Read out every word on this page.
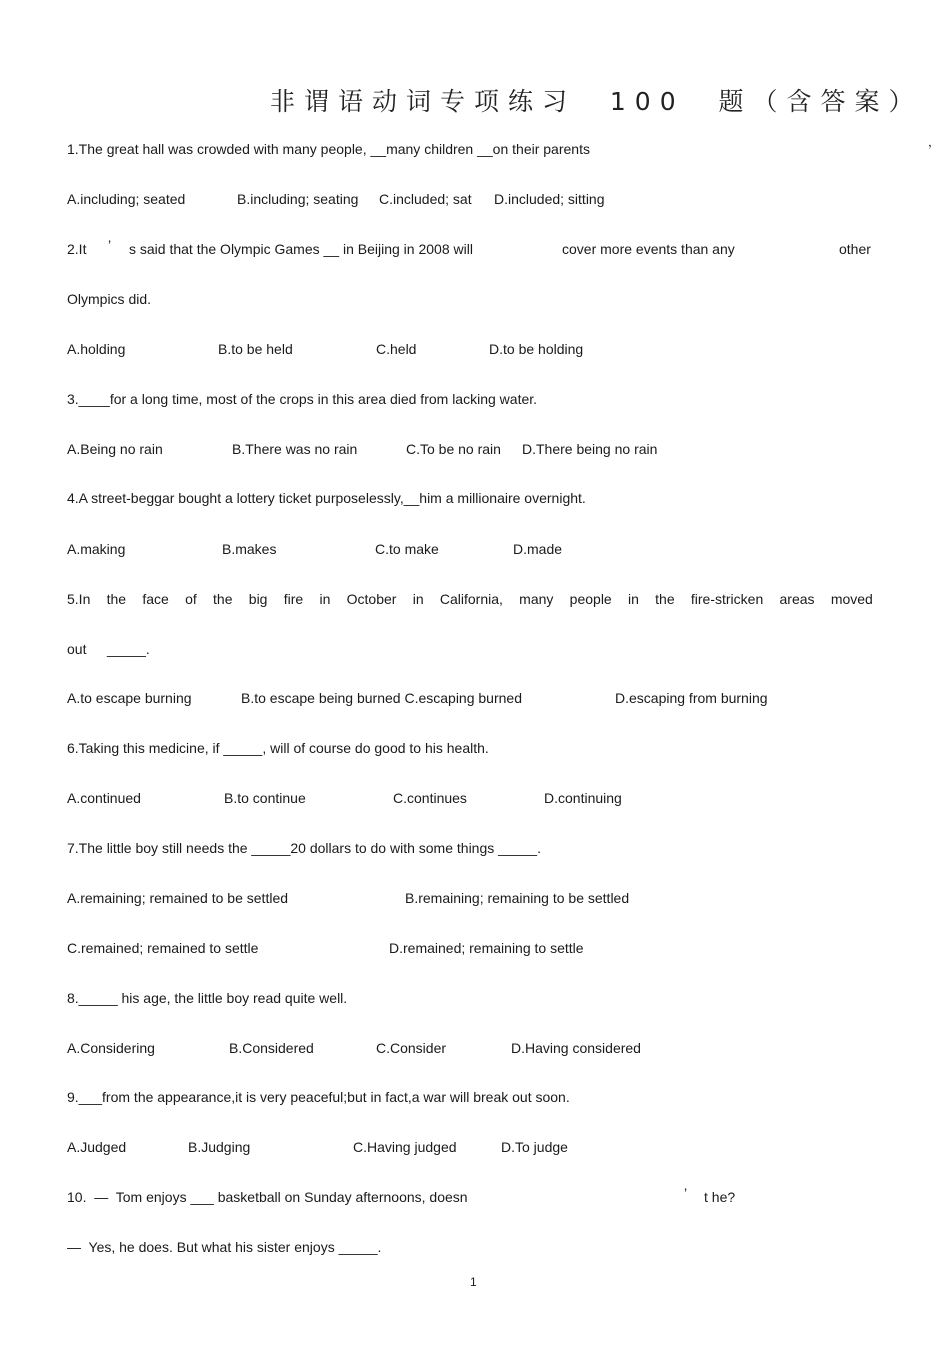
非谓语动词专项练习  100  题（含答案）
，
1.The great hall was crowded with many people, __many children __on their parents
A.including; seated	B.including; seating C.included; sat D.included; sitting
2.It ’ s said that the Olympic Games __ in Beijing in 2008 will	cover more events than any	other
Olympics did.
A.holding	B.to be held	C.held	D.to be holding
3.____for a long time, most of the crops in this area died from lacking water.
A.Being no rain	B.There was no rain	C.To be no rain D.There being no rain
4.A street-beggar bought a lottery ticket purposelessly,__him a millionaire overnight.
A.making	B.makes	C.to make	D.made
5.In the face of the big fire in October in California, many people in the fire-stricken areas moved
out _____.
A.to escape burning	B.to escape being burned C.escaping burned	D.escaping from burning
6.Taking this medicine, if _____, will of course do good to his health.
A.continued	B.to continue	C.continues	D.continuing
7.The little boy still needs the _____20 dollars to do with some things _____.
A.remaining; remained to be settled	B.remaining; remaining to be settled
C.remained; remained to settle	D.remained; remaining to settle
8._____ his age, the little boy read quite well.
A.Considering	B.Considered	C.Consider	D.Having considered
9.___from the appearance,it is very peaceful;but in fact,a war will break out soon.
A.Judged	B.Judging	C.Having judged	D.To judge
10.  —  Tom enjoys ___ basketball on Sunday afternoons, doesn	’ t he?
—  Yes, he does. But what his sister enjoys _____.
1
